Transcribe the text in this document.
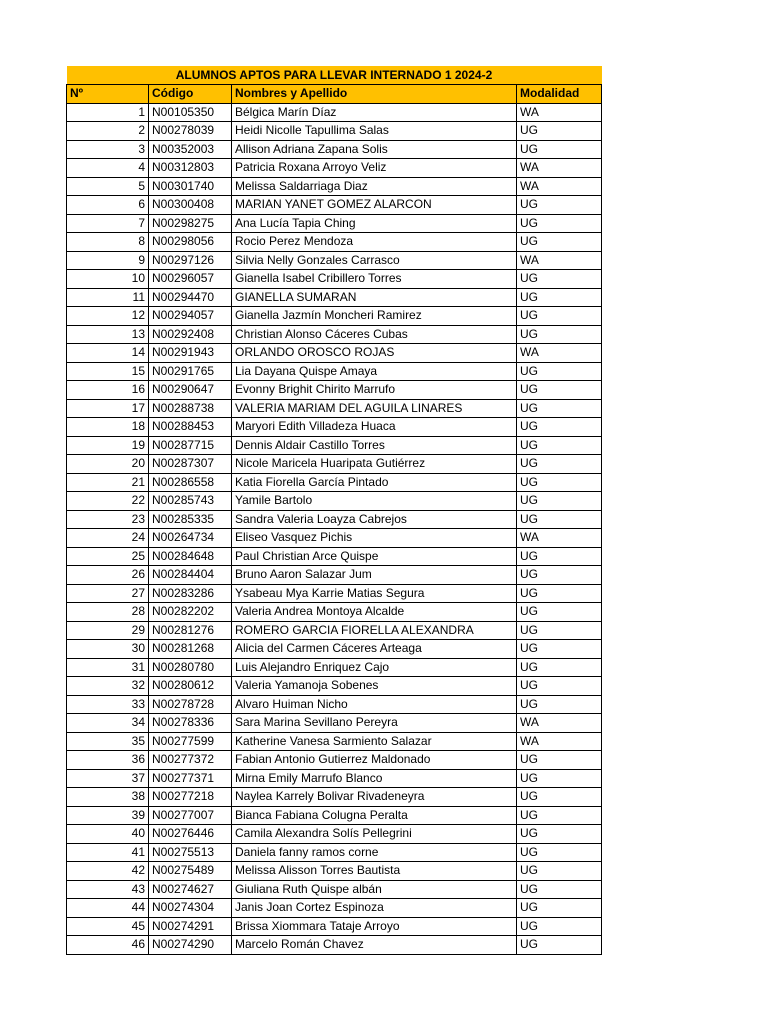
ALUMNOS APTOS PARA LLEVAR INTERNADO 1 2024-2			
Nº	Código	Nombres y Apellido	Modalidad
1	N00105350	Bélgica Marín Díaz	WA
2	N00278039	Heidi Nicolle Tapullima Salas	UG
3	N00352003	Allison Adriana Zapana Solis	UG
4	N00312803	Patricia Roxana Arroyo Veliz	WA
5	N00301740	Melissa Saldarriaga Diaz	WA
6	N00300408	MARIAN YANET GOMEZ ALARCON	UG
7	N00298275	Ana Lucía Tapia Ching	UG
8	N00298056	Rocio Perez Mendoza	UG
9	N00297126	Silvia Nelly Gonzales Carrasco	WA
10	N00296057	Gianella Isabel Cribillero Torres	UG
11	N00294470	GIANELLA SUMARAN	UG
12	N00294057	Gianella Jazmín Moncheri Ramirez	UG
13	N00292408	Christian Alonso Cáceres Cubas	UG
14	N00291943	ORLANDO OROSCO ROJAS	WA
15	N00291765	Lia Dayana Quispe Amaya	UG
16	N00290647	Evonny Brighit Chirito Marrufo	UG
17	N00288738	VALERIA MARIAM DEL AGUILA LINARES	UG
18	N00288453	Maryori Edith Villadeza Huaca	UG
19	N00287715	Dennis Aldair Castillo Torres	UG
20	N00287307	Nicole Maricela Huaripata Gutiérrez	UG
21	N00286558	Katia Fiorella García Pintado	UG
22	N00285743	Yamile Bartolo	UG
23	N00285335	Sandra Valeria Loayza Cabrejos	UG
24	N00264734	Eliseo Vasquez Pichis	WA
25	N00284648	Paul Christian Arce Quispe	UG
26	N00284404	Bruno Aaron Salazar Jum	UG
27	N00283286	Ysabeau Mya Karrie Matias Segura	UG
28	N00282202	Valeria Andrea Montoya Alcalde	UG
29	N00281276	ROMERO GARCIA FIORELLA ALEXANDRA	UG
30	N00281268	Alicia del Carmen Cáceres Arteaga	UG
31	N00280780	Luis Alejandro Enriquez Cajo	UG
32	N00280612	Valeria Yamanoja Sobenes	UG
33	N00278728	Alvaro Huiman Nicho	UG
34	N00278336	Sara Marina Sevillano Pereyra	WA
35	N00277599	Katherine Vanesa Sarmiento Salazar	WA
36	N00277372	Fabian Antonio Gutierrez Maldonado	UG
37	N00277371	Mirna Emily Marrufo Blanco	UG
38	N00277218	Naylea Karrely Bolivar Rivadeneyra	UG
39	N00277007	Bianca Fabiana Colugna Peralta	UG
40	N00276446	Camila Alexandra Solís Pellegrini	UG
41	N00275513	Daniela fanny ramos corne	UG
42	N00275489	Melissa Alisson Torres Bautista	UG
43	N00274627	Giuliana Ruth Quispe albán	UG
44	N00274304	Janis Joan Cortez Espinoza	UG
45	N00274291	Brissa Xiommara Tataje Arroyo	UG
46	N00274290	Marcelo Román Chavez	UG
